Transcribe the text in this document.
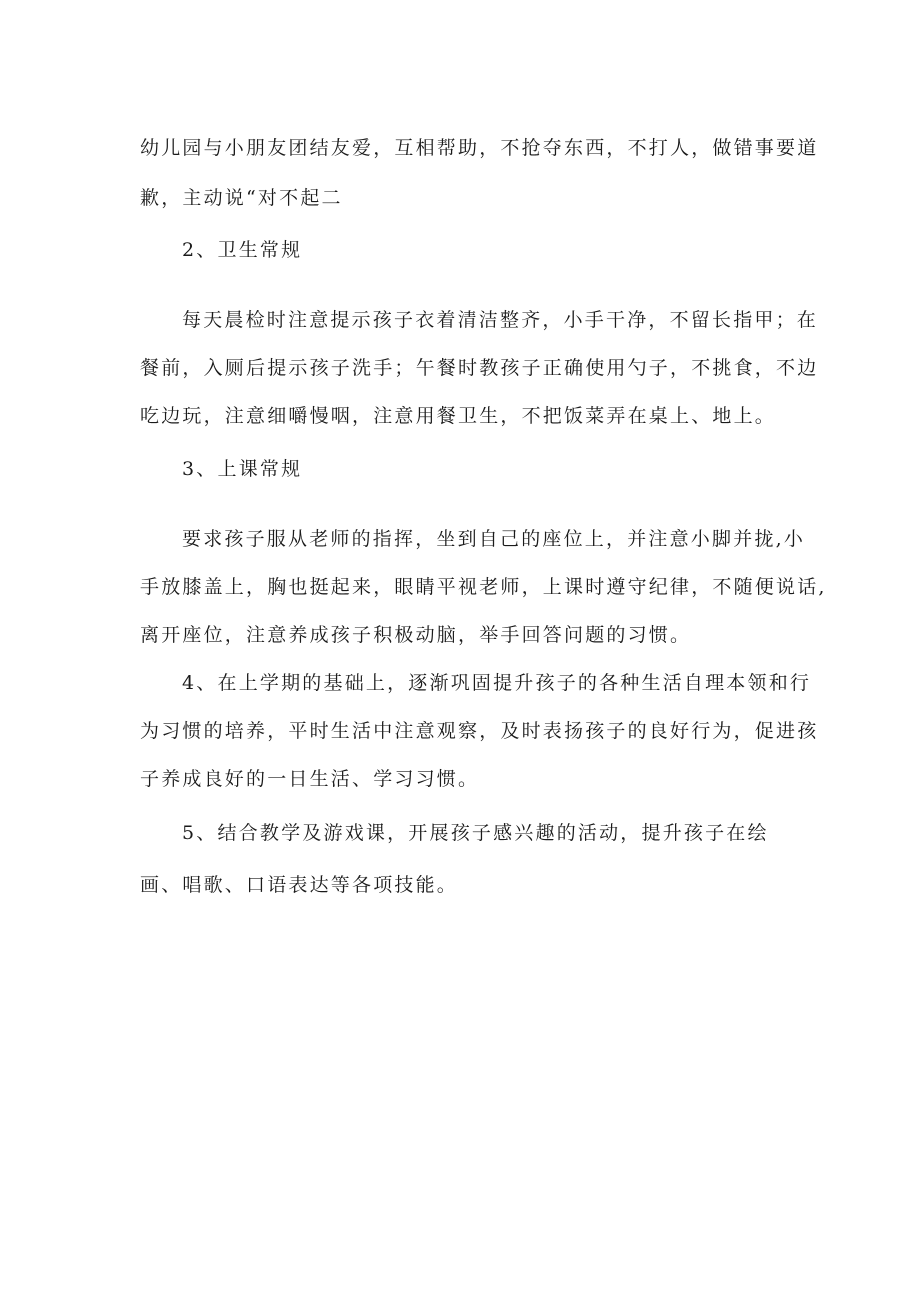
幼儿园与小朋友团结友爱，互相帮助，不抢夺东西，不打人，做错事要道
歉，主动说“对不起二
2、卫生常规
每天晨检时注意提示孩子衣着清洁整齐，小手干净，不留长指甲；在
餐前，入厕后提示孩子洗手；午餐时教孩子正确使用勺子，不挑食，不边
吃边玩，注意细嚼慢咽，注意用餐卫生，不把饭菜弄在桌上、地上。
3、上课常规
要求孩子服从老师的指挥，坐到自己的座位上，并注意小脚并拢,小
手放膝盖上，胸也挺起来，眼睛平视老师，上课时遵守纪律，不随便说话,
离开座位，注意养成孩子积极动脑，举手回答问题的习惯。
4、在上学期的基础上，逐渐巩固提升孩子的各种生活自理本领和行
为习惯的培养，平时生活中注意观察，及时表扬孩子的良好行为，促进孩
子养成良好的一日生活、学习习惯。
5、结合教学及游戏课，开展孩子感兴趣的活动，提升孩子在绘
画、唱歌、口语表达等各项技能。
